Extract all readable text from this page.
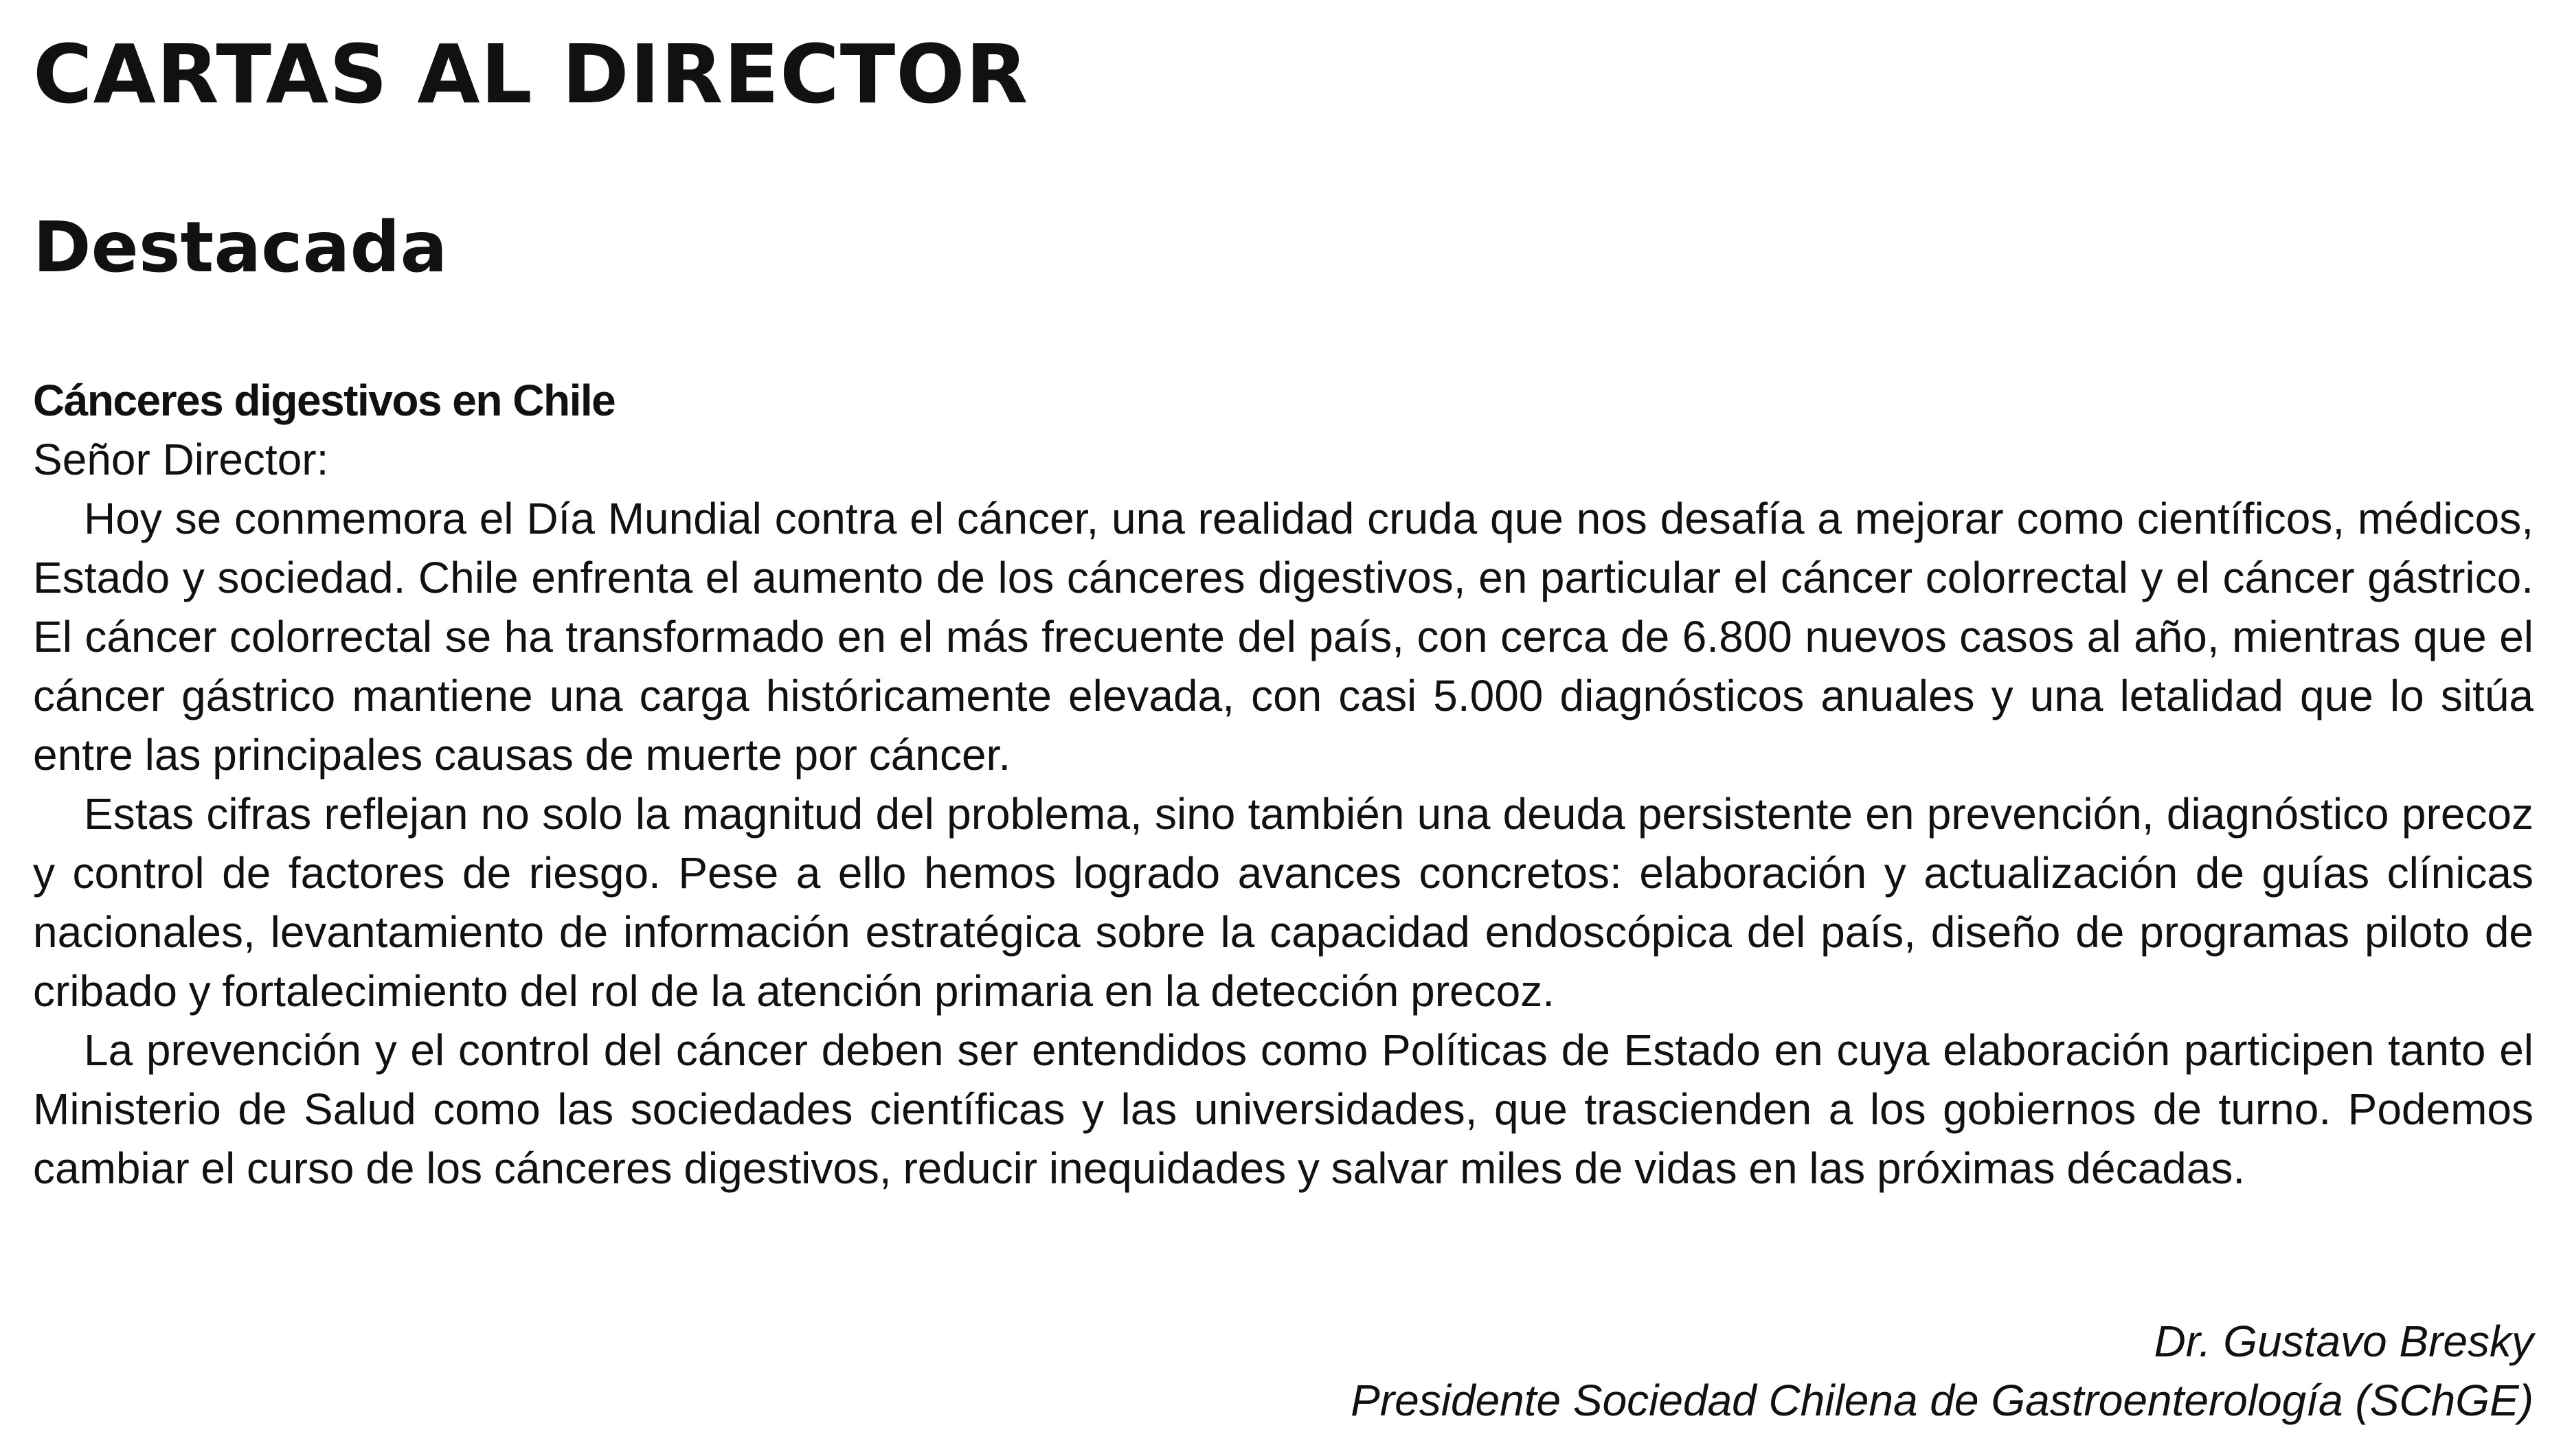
CARTAS AL DIRECTOR
Destacada
Cánceres digestivos en Chile

Señor Director:

Hoy se conmemora el Día Mundial contra el cáncer, una realidad cruda que nos desafía a mejorar como científicos, médicos, Estado y sociedad. Chile enfrenta el aumento de los cánceres digestivos, en particular el cáncer colorrectal y el cáncer gástrico. El cáncer colorrectal se ha transformado en el más frecuente del país, con cerca de 6.800 nuevos casos al año, mientras que el cáncer gástrico mantiene una carga históricamente elevada, con casi 5.000 diagnósticos anuales y una letalidad que lo sitúa entre las principales causas de muerte por cáncer.

Estas cifras reflejan no solo la magnitud del problema, sino también una deuda persistente en prevención, diagnóstico precoz y control de factores de riesgo. Pese a ello hemos logrado avances concretos: elaboración y actualización de guías clínicas nacionales, levantamiento de información estratégica sobre la capacidad endoscópica del país, diseño de programas piloto de cribado y fortalecimiento del rol de la atención primaria en la detección precoz.

La prevención y el control del cáncer deben ser entendidos como Políticas de Estado en cuya elaboración participen tanto el Ministerio de Salud como las sociedades científicas y las universidades, que trascienden a los gobiernos de turno. Podemos cambiar el curso de los cánceres digestivos, reducir inequidades y salvar miles de vidas en las próximas décadas.

Dr. Gustavo Bresky

Presidente Sociedad Chilena de Gastroenterología (SChGE)
